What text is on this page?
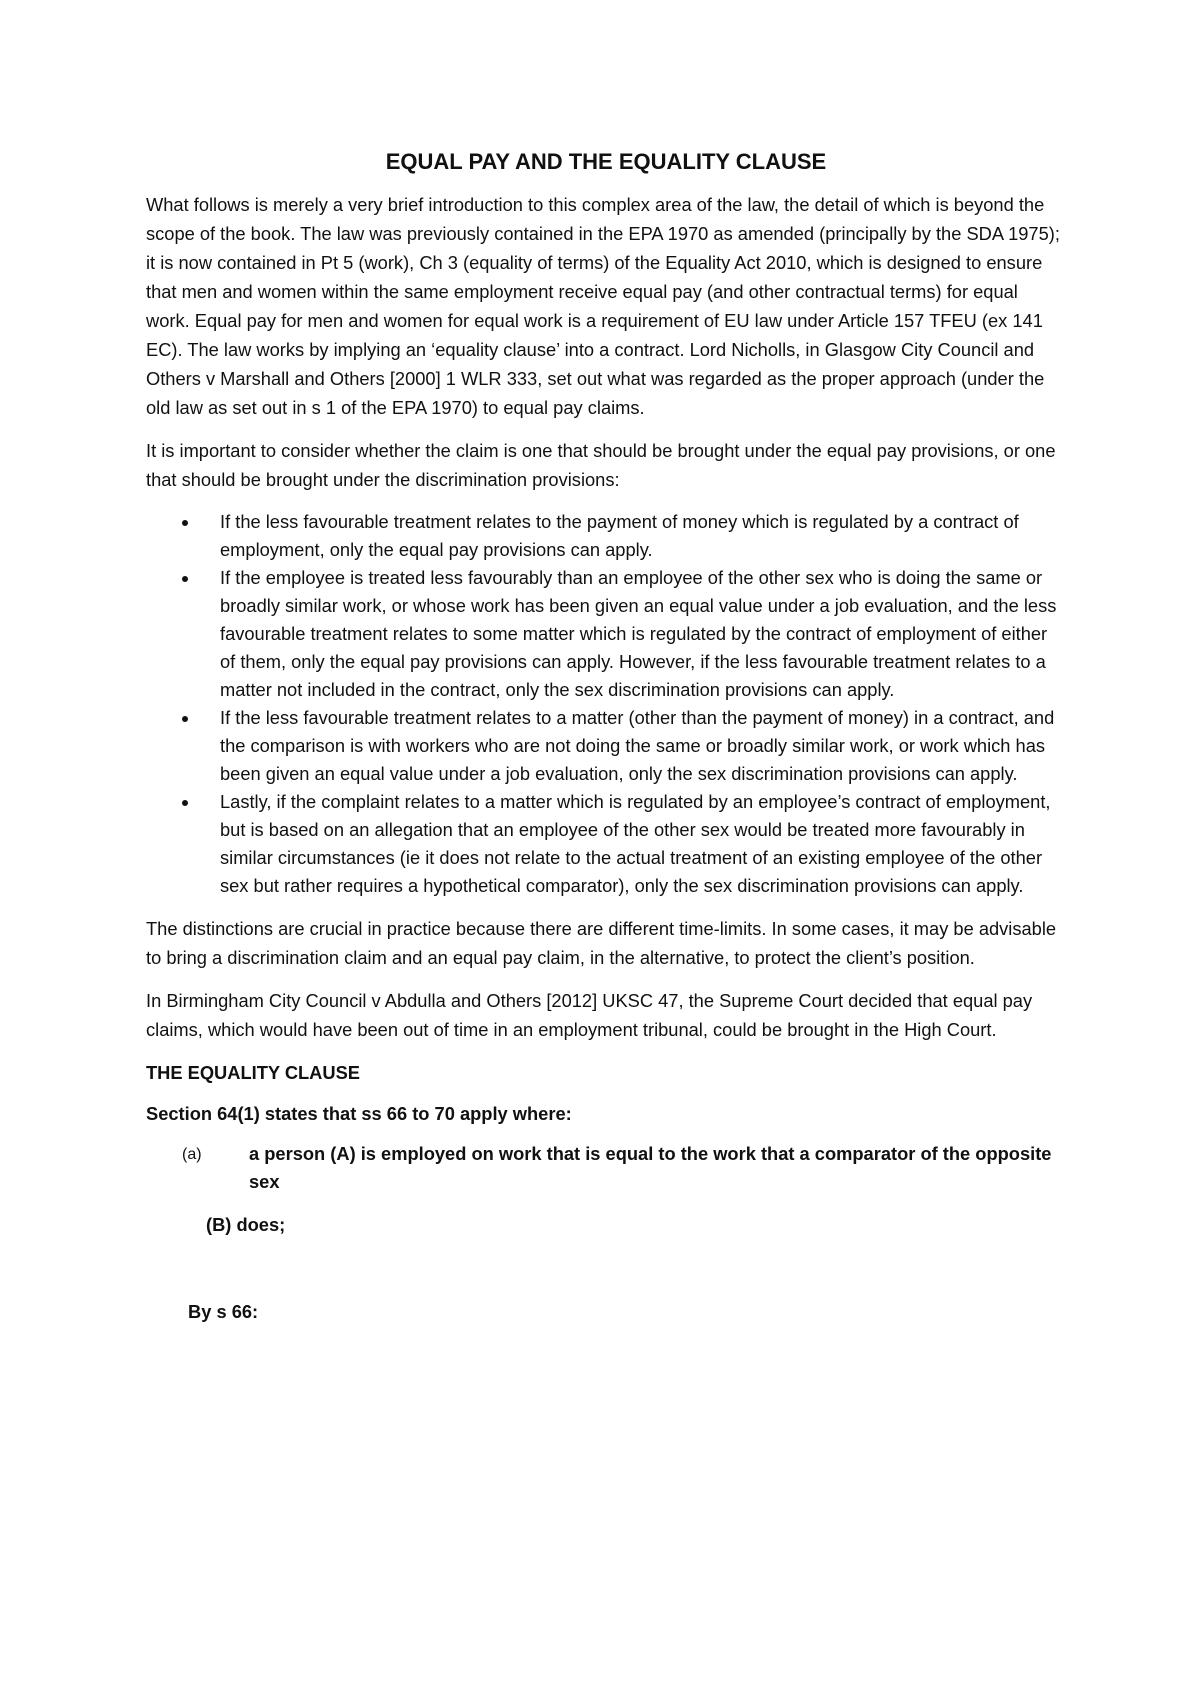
EQUAL PAY AND THE EQUALITY CLAUSE

What follows is merely a very brief introduction to this complex area of the law, the detail of which is beyond the scope of the book. The law was previously contained in the EPA 1970 as amended (principally by the SDA 1975); it is now contained in Pt 5 (work), Ch 3 (equality of terms) of the Equality Act 2010, which is designed to ensure that men and women within the same employment receive equal pay (and other contractual terms) for equal work. Equal pay for men and women for equal work is a requirement of EU law under Article 157 TFEU (ex 141 EC). The law works by implying an ‘equality clause’ into a contract. Lord Nicholls, in Glasgow City Council and Others v Marshall and Others [2000] 1 WLR 333, set out what was regarded as the proper approach (under the old law as set out in s 1 of the EPA 1970) to equal pay claims.

It is important to consider whether the claim is one that should be brought under the equal pay provisions, or one that should be brought under the discrimination provisions:

If the less favourable treatment relates to the payment of money which is regulated by a contract of employment, only the equal pay provisions can apply.
If the employee is treated less favourably than an employee of the other sex who is doing the same or broadly similar work, or whose work has been given an equal value under a job evaluation, and the less favourable treatment relates to some matter which is regulated by the contract of employment of either of them, only the equal pay provisions can apply. However, if the less favourable treatment relates to a matter not included in the contract, only the sex discrimination provisions can apply.
If the less favourable treatment relates to a matter (other than the payment of money) in a contract, and the comparison is with workers who are not doing the same or broadly similar work, or work which has been given an equal value under a job evaluation, only the sex discrimination provisions can apply.
Lastly, if the complaint relates to a matter which is regulated by an employee’s contract of employment, but is based on an allegation that an employee of the other sex would be treated more favourably in similar circumstances (ie it does not relate to the actual treatment of an existing employee of the other sex but rather requires a hypothetical comparator), only the sex discrimination provisions can apply.

The distinctions are crucial in practice because there are different time-limits. In some cases, it may be advisable to bring a discrimination claim and an equal pay claim, in the alternative, to protect the client’s position.

In Birmingham City Council v Abdulla and Others [2012] UKSC 47, the Supreme Court decided that equal pay claims, which would have been out of time in an employment tribunal, could be brought in the High Court.

THE EQUALITY CLAUSE
Section 64(1) states that ss 66 to 70 apply where:
(a)	a person (A) is employed on work that is equal to the work that a comparator of the opposite sex
(B) does;
By s 66:
